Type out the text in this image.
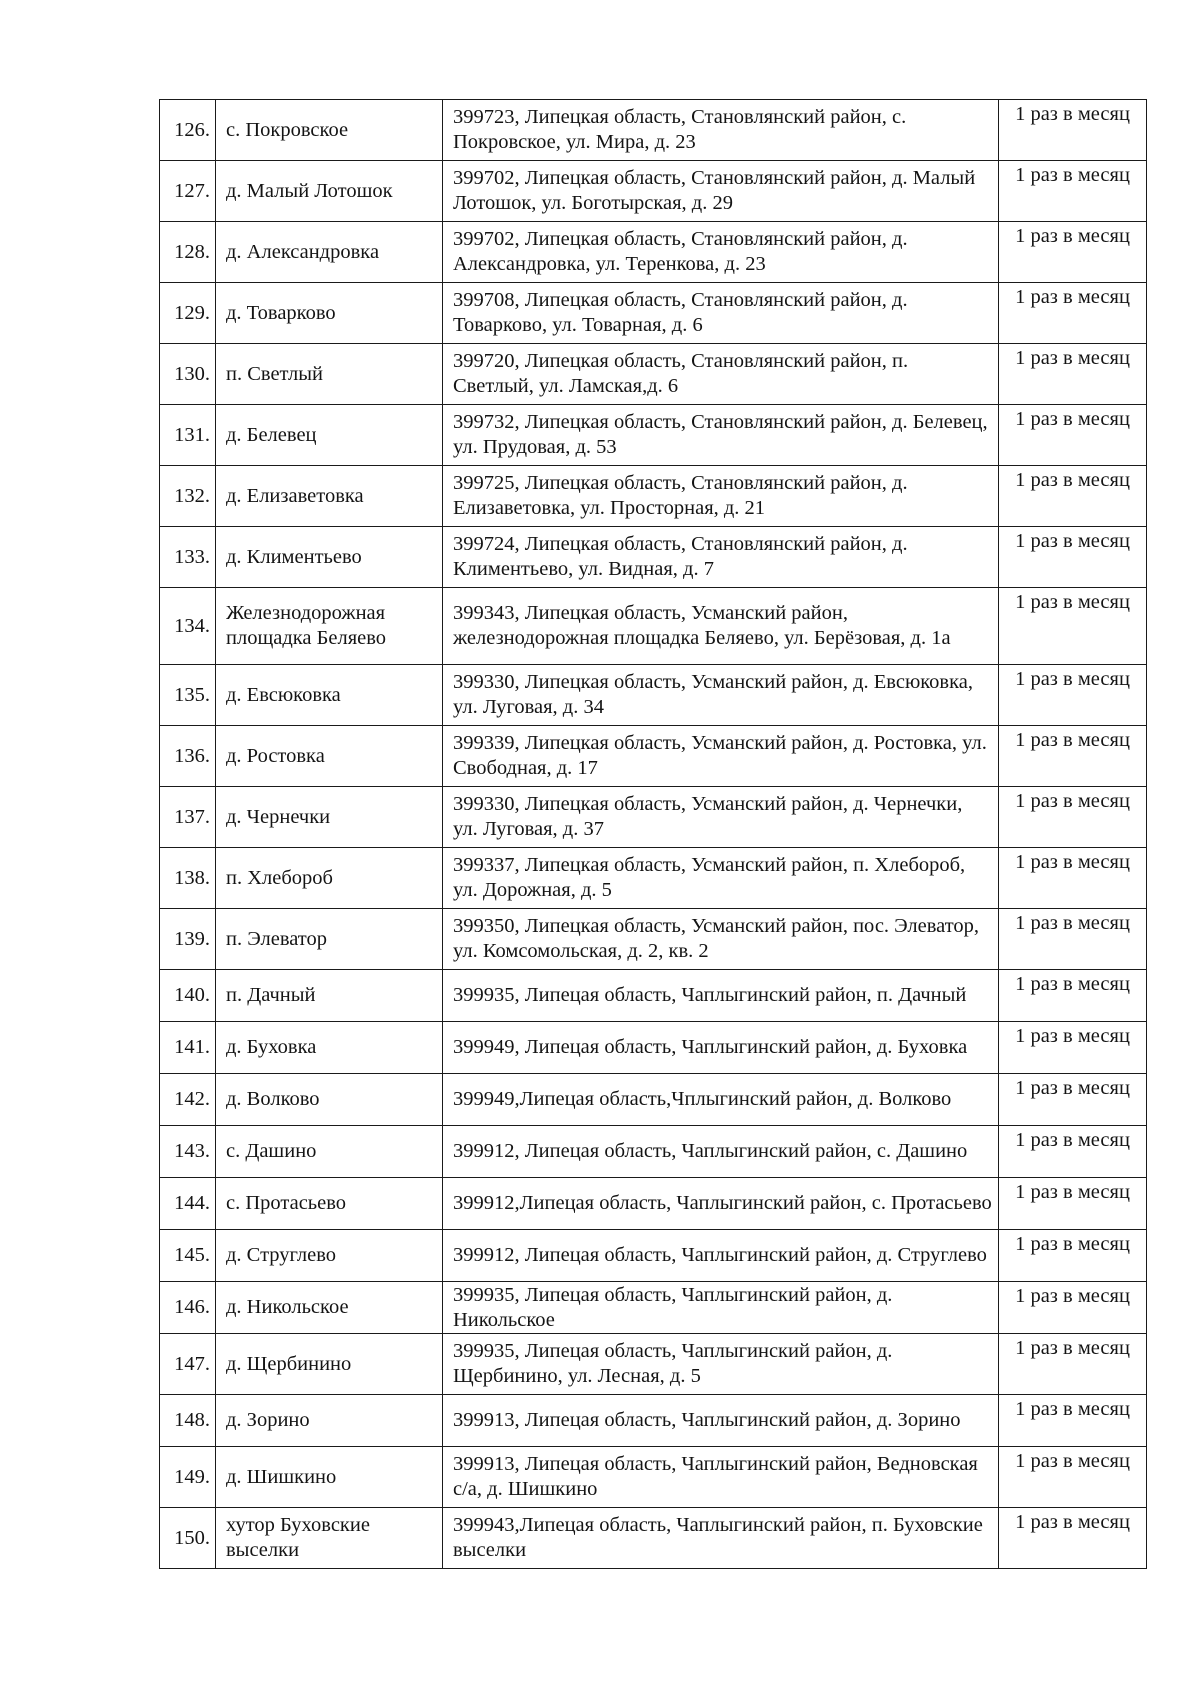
126.	с. Покровское	399723, Липецкая область, Становлянский район, с. Покровское, ул. Мира, д. 23	1 раз в месяц
127.	д. Малый Лотошок	399702, Липецкая область, Становлянский район, д. Малый Лотошок, ул. Боготырская, д. 29	1 раз в месяц
128.	д. Александровка	399702, Липецкая область, Становлянский район, д. Александровка, ул. Теренкова, д. 23	1 раз в месяц
129.	д. Товарково	399708, Липецкая область, Становлянский район, д. Товарково, ул. Товарная, д. 6	1 раз в месяц
130.	п. Светлый	399720, Липецкая область, Становлянский район, п. Светлый, ул. Ламская,д. 6	1 раз в месяц
131.	д. Белевец	399732, Липецкая область, Становлянский район, д. Белевец, ул. Прудовая, д. 53	1 раз в месяц
132.	д. Елизаветовка	399725, Липецкая область, Становлянский район, д. Елизаветовка, ул. Просторная, д. 21	1 раз в месяц
133.	д. Климентьево	399724, Липецкая область, Становлянский район, д. Климентьево, ул. Видная, д. 7	1 раз в месяц
134.	Железнодорожная площадка Беляево	399343, Липецкая область, Усманский район, железнодорожная площадка Беляево, ул. Берёзовая, д. 1а	1 раз в месяц
135.	д. Евсюковка	399330, Липецкая область, Усманский район, д. Евсюковка, ул. Луговая, д. 34	1 раз в месяц
136.	д. Ростовка	399339, Липецкая область, Усманский район, д. Ростовка, ул. Свободная, д. 17	1 раз в месяц
137.	д. Чернечки	399330, Липецкая область, Усманский район, д. Чернечки, ул. Луговая, д. 37	1 раз в месяц
138.	п. Хлебороб	399337, Липецкая область, Усманский район, п. Хлебороб, ул. Дорожная, д. 5	1 раз в месяц
139.	п. Элеватор	399350, Липецкая область, Усманский район, пос. Элеватор, ул. Комсомольская, д. 2, кв. 2	1 раз в месяц
140.	п. Дачный	399935, Липецая область, Чаплыгинский район, п. Дачный	1 раз в месяц
141.	д. Буховка	399949, Липецая область, Чаплыгинский район, д. Буховка	1 раз в месяц
142.	д. Волково	399949,Липецая область,Чплыгинский район, д. Волково	1 раз в месяц
143.	с. Дашино	399912, Липецая область, Чаплыгинский район, с. Дашино	1 раз в месяц
144.	с. Протасьево	399912,Липецая область, Чаплыгинский район, с. Протасьево	1 раз в месяц
145.	д. Струглево	399912, Липецая область, Чаплыгинский район, д. Струглево	1 раз в месяц
146.	д. Никольское	399935, Липецая область, Чаплыгинский район, д. Никольское	1 раз в месяц
147.	д. Щербинино	399935, Липецая область, Чаплыгинский район, д. Щербинино, ул. Лесная, д. 5	1 раз в месяц
148.	д. Зорино	399913, Липецая область, Чаплыгинский район, д. Зорино	1 раз в месяц
149.	д. Шишкино	399913, Липецая область, Чаплыгинский район, Ведновская с/а, д. Шишкино	1 раз в месяц
150.	хутор Буховские выселки	399943,Липецая область, Чаплыгинский район, п. Буховские выселки	1 раз в месяц
